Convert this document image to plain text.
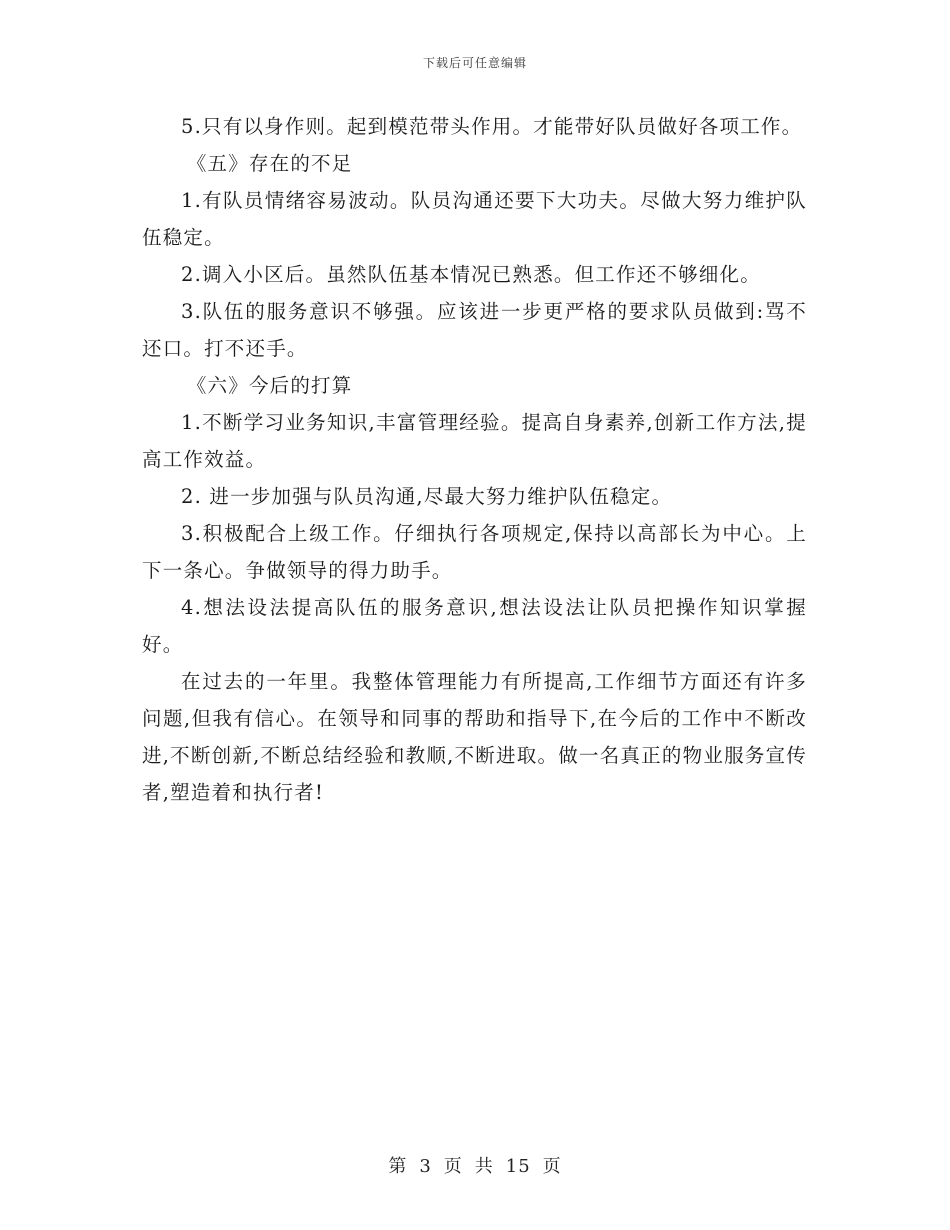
下载后可任意编辑

5.只有以身作则。起到模范带头作用。才能带好队员做好各项工作。

《五》存在的不足

1.有队员情绪容易波动。队员沟通还要下大功夫。尽做大努力维护队伍稳定。

2.调入小区后。虽然队伍基本情况已熟悉。但工作还不够细化。

3.队伍的服务意识不够强。应该进一步更严格的要求队员做到:骂不还口。打不还手。

《六》今后的打算

1.不断学习业务知识,丰富管理经验。提高自身素养,创新工作方法,提高工作效益。

2. 进一步加强与队员沟通,尽最大努力维护队伍稳定。

3.积极配合上级工作。仔细执行各项规定,保持以高部长为中心。上下一条心。争做领导的得力助手。

4.想法设法提高队伍的服务意识,想法设法让队员把操作知识掌握好。

在过去的一年里。我整体管理能力有所提高,工作细节方面还有许多问题,但我有信心。在领导和同事的帮助和指导下,在今后的工作中不断改进,不断创新,不断总结经验和教顺,不断进取。做一名真正的物业服务宣传者,塑造着和执行者!

第 3 页 共 15 页
